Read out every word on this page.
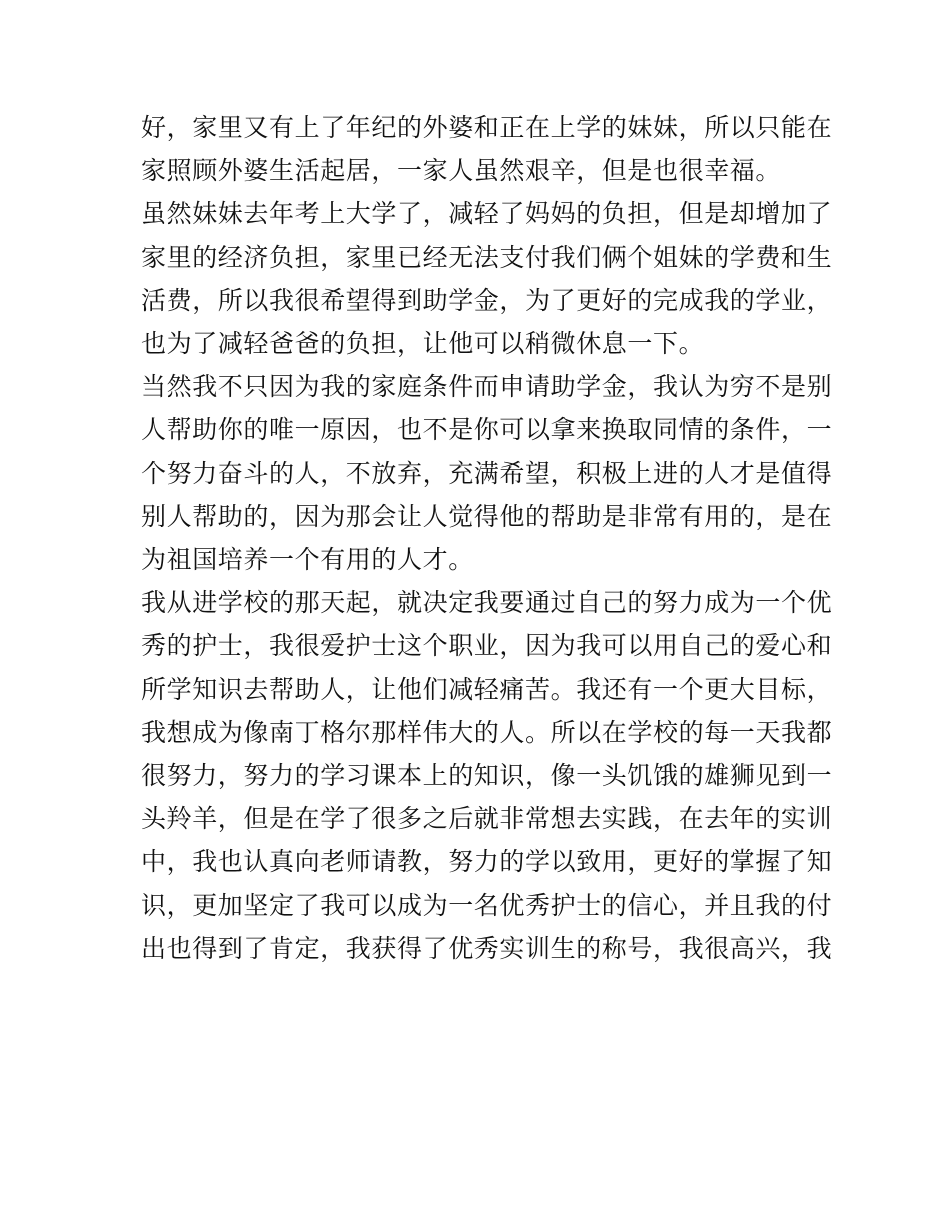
好，家里又有上了年纪的外婆和正在上学的妹妹，所以只能在

家照顾外婆生活起居，一家人虽然艰辛，但是也很幸福。

虽然妹妹去年考上大学了，减轻了妈妈的负担，但是却增加了

家里的经济负担，家里已经无法支付我们俩个姐妹的学费和生

活费，所以我很希望得到助学金，为了更好的完成我的学业，

也为了减轻爸爸的负担，让他可以稍微休息一下。

当然我不只因为我的家庭条件而申请助学金，我认为穷不是别

人帮助你的唯一原因，也不是你可以拿来换取同情的条件，一

个努力奋斗的人，不放弃，充满希望，积极上进的人才是值得

别人帮助的，因为那会让人觉得他的帮助是非常有用的，是在

为祖国培养一个有用的人才。

我从进学校的那天起，就决定我要通过自己的努力成为一个优

秀的护士，我很爱护士这个职业，因为我可以用自己的爱心和

所学知识去帮助人，让他们减轻痛苦。我还有一个更大目标，

我想成为像南丁格尔那样伟大的人。所以在学校的每一天我都

很努力，努力的学习课本上的知识，像一头饥饿的雄狮见到一

头羚羊，但是在学了很多之后就非常想去实践，在去年的实训

中，我也认真向老师请教，努力的学以致用，更好的掌握了知

识，更加坚定了我可以成为一名优秀护士的信心，并且我的付

出也得到了肯定，我获得了优秀实训生的称号，我很高兴，我
